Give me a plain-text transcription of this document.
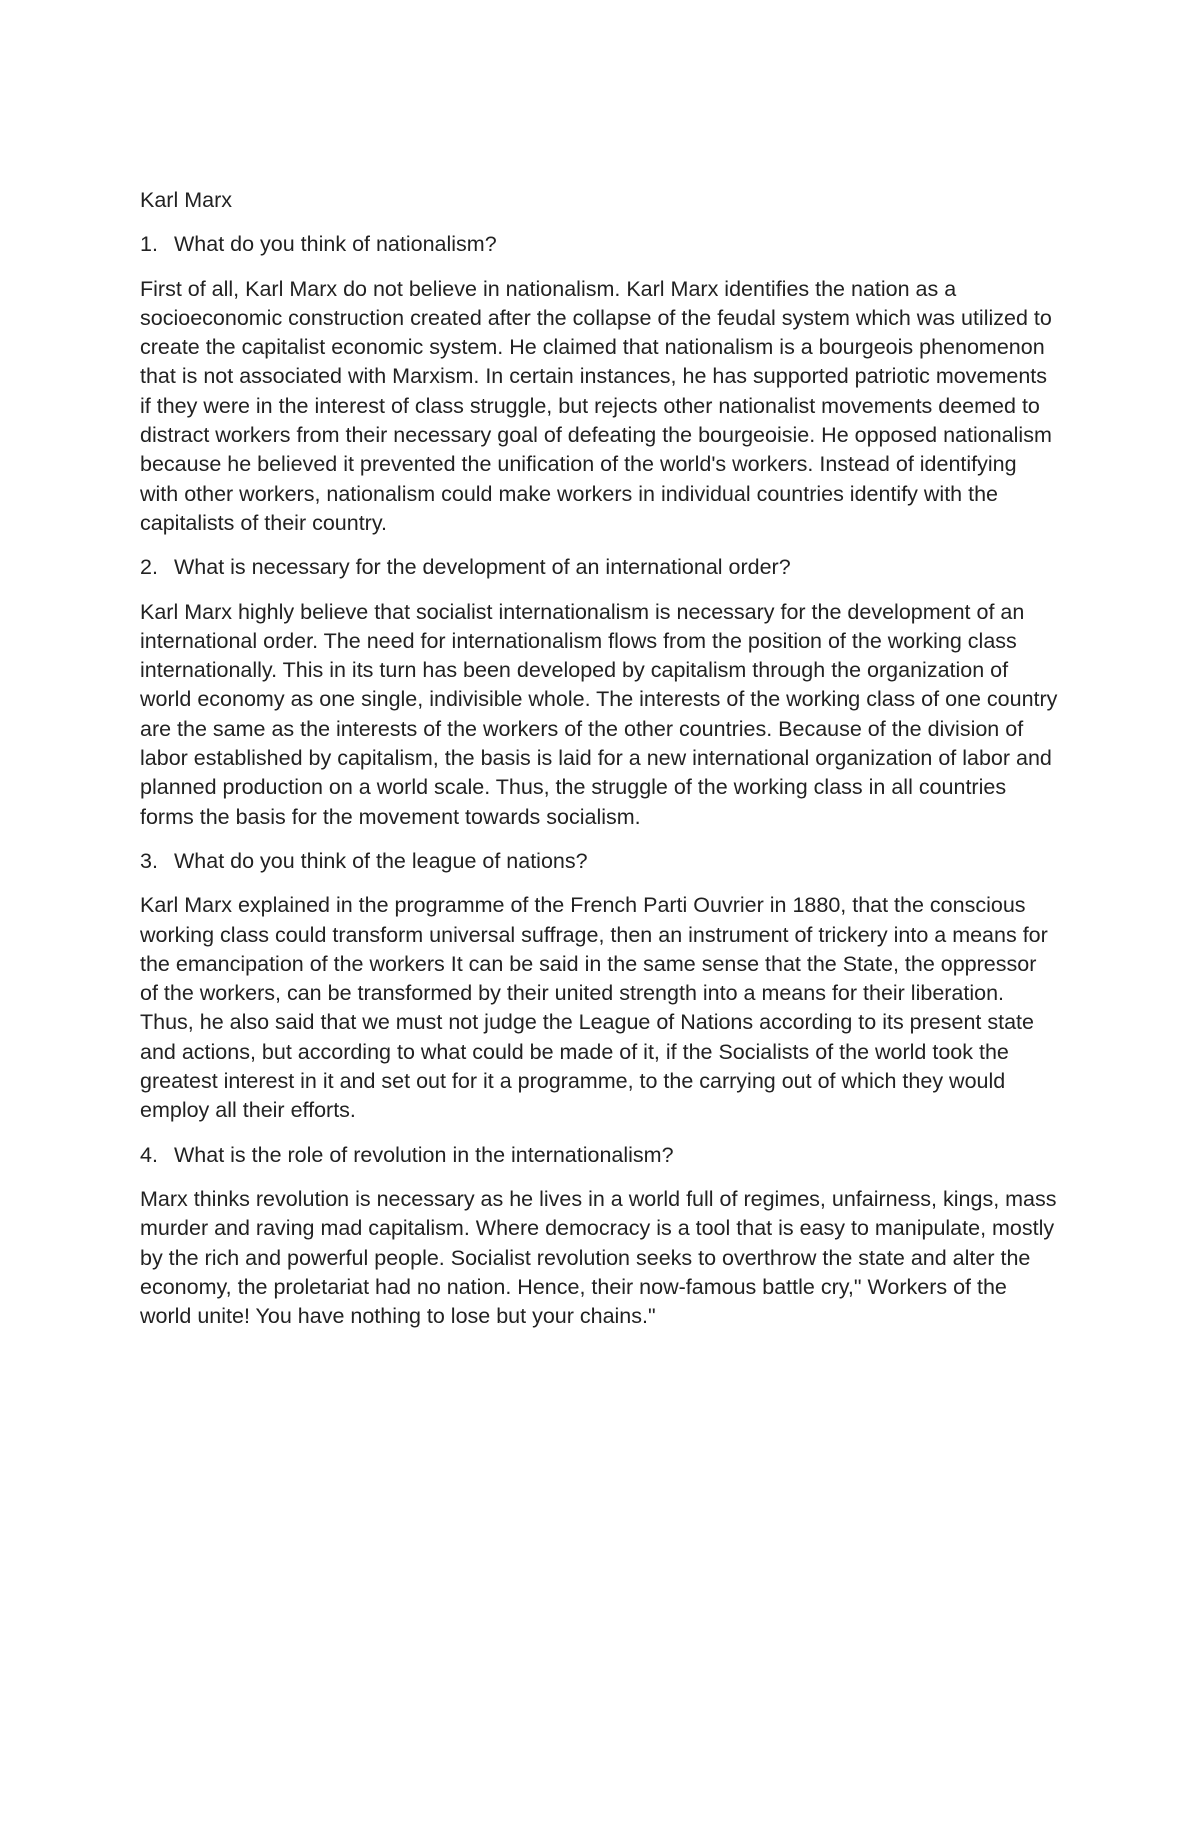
Karl Marx
1. What do you think of nationalism?

First of all, Karl Marx do not believe in nationalism. Karl Marx identifies the nation as a socioeconomic construction created after the collapse of the feudal system which was utilized to create the capitalist economic system. He claimed that nationalism is a bourgeois phenomenon that is not associated with Marxism. In certain instances, he has supported patriotic movements if they were in the interest of class struggle, but rejects other nationalist movements deemed to distract workers from their necessary goal of defeating the bourgeoisie. He opposed nationalism because he believed it prevented the unification of the world's workers. Instead of identifying with other workers, nationalism could make workers in individual countries identify with the capitalists of their country.

2. What is necessary for the development of an international order?

Karl Marx highly believe that socialist internationalism is necessary for the development of an international order. The need for internationalism flows from the position of the working class internationally. This in its turn has been developed by capitalism through the organization of world economy as one single, indivisible whole. The interests of the working class of one country are the same as the interests of the workers of the other countries. Because of the division of labor established by capitalism, the basis is laid for a new international organization of labor and planned production on a world scale. Thus, the struggle of the working class in all countries forms the basis for the movement towards socialism.

3. What do you think of the league of nations?

Karl Marx explained in the programme of the French Parti Ouvrier in 1880, that the conscious working class could transform universal suffrage, then an instrument of trickery into a means for the emancipation of the workers It can be said in the same sense that the State, the oppressor of the workers, can be transformed by their united strength into a means for their liberation. Thus, he also said that we must not judge the League of Nations according to its present state and actions, but according to what could be made of it, if the Socialists of the world took the greatest interest in it and set out for it a programme, to the carrying out of which they would employ all their efforts.

4. What is the role of revolution in the internationalism?

Marx thinks revolution is necessary as he lives in a world full of regimes, unfairness, kings, mass murder and raving mad capitalism. Where democracy is a tool that is easy to manipulate, mostly by the rich and powerful people. Socialist revolution seeks to overthrow the state and alter the economy, the proletariat had no nation. Hence, their now-famous battle cry," Workers of the world unite! You have nothing to lose but your chains."
